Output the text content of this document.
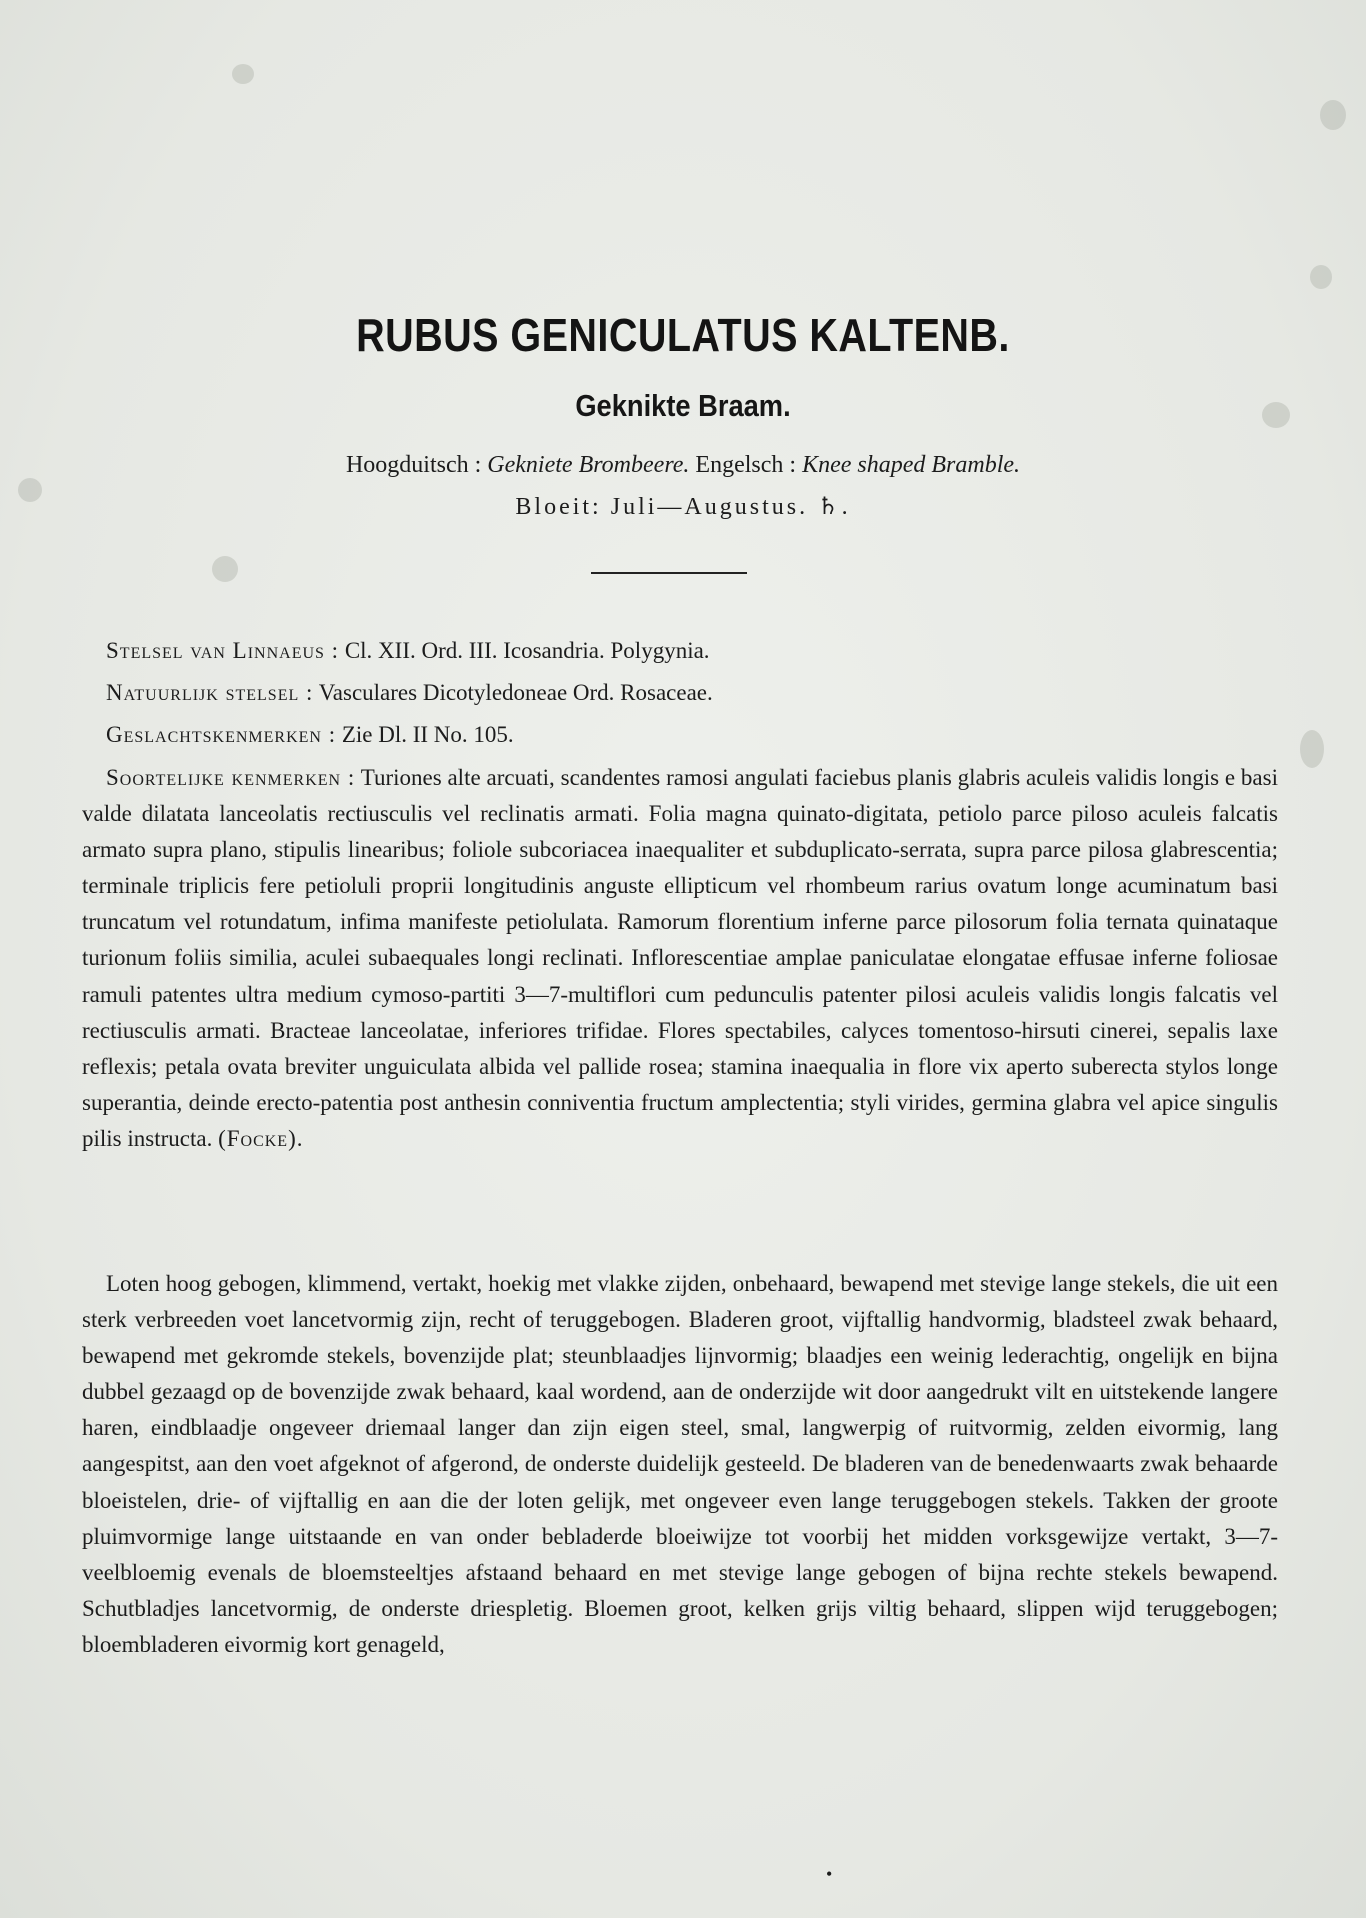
RUBUS GENICULATUS KALTENB.
Geknikte Braam.
Hoogduitsch : Gekniete Brombeere. Engelsch : Knee shaped Bramble.
Bloeit: Juli—Augustus. ♄.
Stelsel van Linnaeus : Cl. XII. Ord. III. Icosandria. Polygynia.
Natuurlijk stelsel : Vasculares Dicotyledoneae Ord. Rosaceae.
Geslachtskenmerken : Zie Dl. II No. 105.
Soortelijke kenmerken : Turiones alte arcuati, scandentes ramosi angulati faciebus planis glabris aculeis validis longis e basi valde dilatata lanceolatis rectiusculis vel reclinatis armati. Folia magna quinato-digitata, petiolo parce piloso aculeis falcatis armato supra plano, stipulis linearibus; foliole subcoriacea inaequaliter et subduplicato-serrata, supra parce pilosa glabrescentia; terminale triplicis fere petioluli proprii longitudinis anguste ellipticum vel rhombeum rarius ovatum longe acuminatum basi truncatum vel rotundatum, infima manifeste petiolulata. Ramorum florentium inferne parce pilosorum folia ternata quinataque turionum foliis similia, aculei subaequales longi reclinati. Inflorescentiae amplae paniculatae elongatae effusae inferne foliosae ramuli patentes ultra medium cymoso-partiti 3—7-multiflori cum pedunculis patenter pilosi aculeis validis longis falcatis vel rectiusculis armati. Bracteae lanceolatae, inferiores trifidae. Flores spectabiles, calyces tomentoso-hirsuti cinerei, sepalis laxe reflexis; petala ovata breviter unguiculata albida vel pallide rosea; stamina inaequalia in flore vix aperto suberecta stylos longe superantia, deinde erecto-patentia post anthesin conniventia fructum amplectentia; styli virides, germina glabra vel apice singulis pilis instructa. (Focke).
Loten hoog gebogen, klimmend, vertakt, hoekig met vlakke zijden, onbehaard, bewapend met stevige lange stekels, die uit een sterk verbreeden voet lancetvormig zijn, recht of teruggebogen. Bladeren groot, vijftallig handvormig, bladsteel zwak behaard, bewapend met gekromde stekels, bovenzijde plat; steunblaadjes lijnvormig; blaadjes een weinig lederachtig, ongelijk en bijna dubbel gezaagd op de bovenzijde zwak behaard, kaal wordend, aan de onderzijde wit door aangedrukt vilt en uitstekende langere haren, eindblaadje ongeveer driemaal langer dan zijn eigen steel, smal, langwerpig of ruitvormig, zelden eivormig, lang aangespitst, aan den voet afgeknot of afgerond, de onderste duidelijk gesteeld. De bladeren van de benedenwaarts zwak behaarde bloeistelen, drie- of vijftallig en aan die der loten gelijk, met ongeveer even lange teruggebogen stekels. Takken der groote pluimvormige lange uitstaande en van onder bebladerde bloeiwijze tot voorbij het midden vorksgewijze vertakt, 3—7-veelbloemig evenals de bloemsteeltjes afstaand behaard en met stevige lange gebogen of bijna rechte stekels bewapend. Schutbladjes lancetvormig, de onderste driespletig. Bloemen groot, kelken grijs viltig behaard, slippen wijd teruggebogen; bloembladeren eivormig kort genageld,
•
